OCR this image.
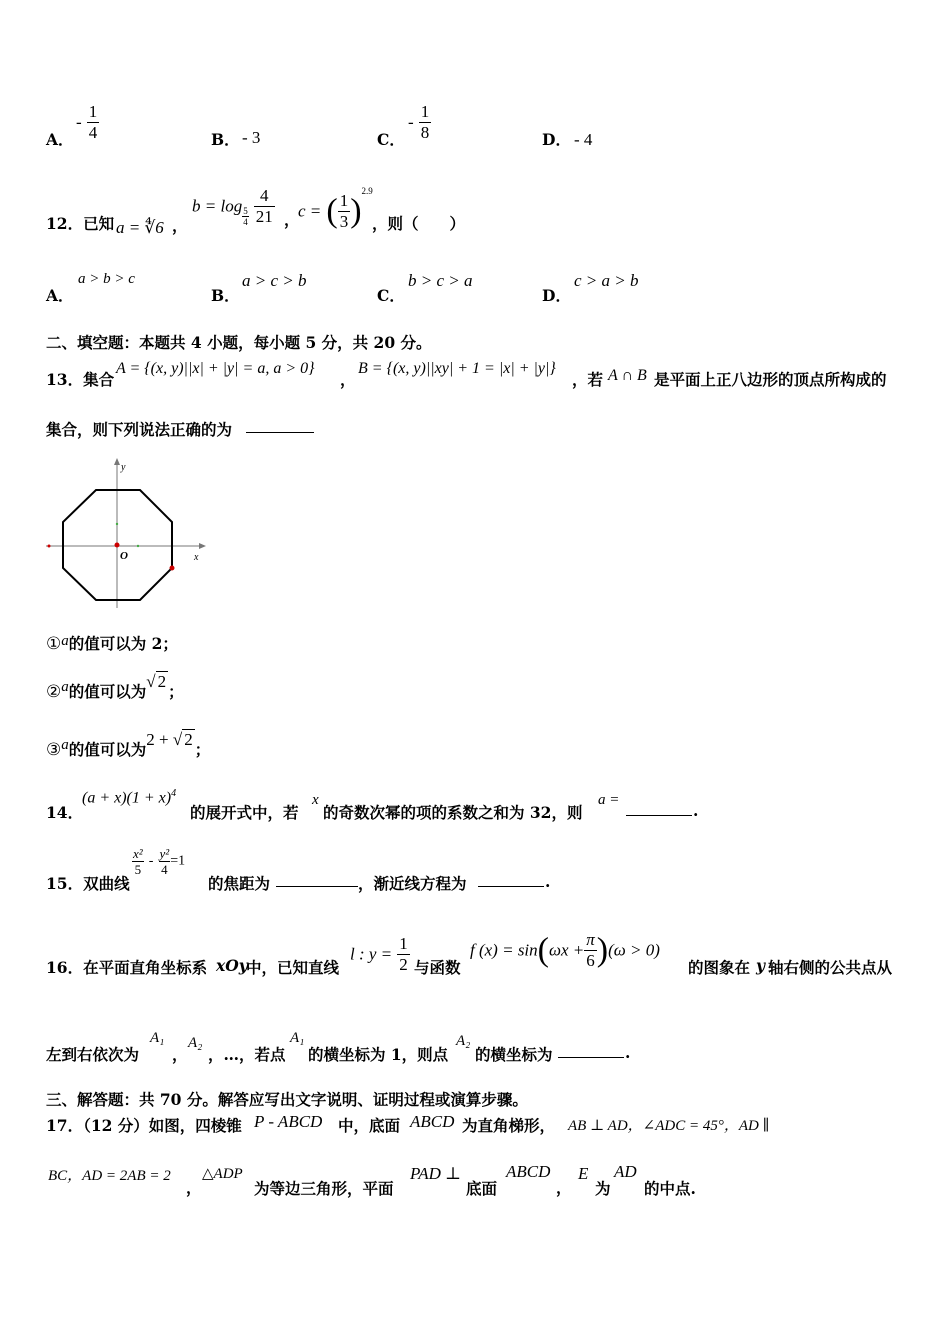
A．
- $\frac{1}{4}$	B． - 3	C．
- $\frac{1}{8}$	D． - 4
12．已知 a = ∜6 ，
$b = \log \frac{5}{4}$
$\frac{4}{21}$ ，
c = ( $\frac{1}{3} )^{2.9}$
，则（　　）
A．
a > b > c
B．
a > c > b
C．
b > c > a
D．
c > a > b
二、填空题：本题共 4 小题，每小题 5 分，共 20 分。
13．集合
A = {(x, y)||x| + |y| = a, a > 0}
，
B = {(x, y)||xy| + 1 = |x| + |y|}
，若 A ∩ B 是平面上正八边形的顶点所构成的
集合，则下列说法正确的为
x
y
O
①a的值可以为 2；
②a的值可以为√ 2；
③a的值可以为2 + √ 2；
14．
$(a + x)(1 + x)^4$
的展开式中，若
x
的奇数次幂的项的系数之和为 32，则
a =
.
15．双曲线
$\frac{\text{x²}}{5} - \frac{\text{y²}}{4} =1$
的焦距为	，渐近线方程为	.
16．在平面直角坐标系 xOy
中，已知直线
l : $y = \frac{1}{2}$ 与函数
f $(x) = \sin(\omega x + \frac{\pi}{6} )(\omega > 0)$
的图象在 y 轴右侧的公共点从
左到右依次为
A₁
，
A₂
，…，若点
A₁
的横坐标为 1，则点
A₂
的横坐标为	.
三、解答题：共 70 分。解答应写出文字说明、证明过程或演算步骤。
17．（12 分）如图，四棱锥 P - ABCD 中，底面 ABCD 为直角梯形， AB ⊥ AD，∠ADC = 45°，AD ∥
BC，AD = 2AB = 2
，
△ADP
为等边三角形，平面
PAD ⊥
底面
ABCD
，
E
为
AD
的中点.
